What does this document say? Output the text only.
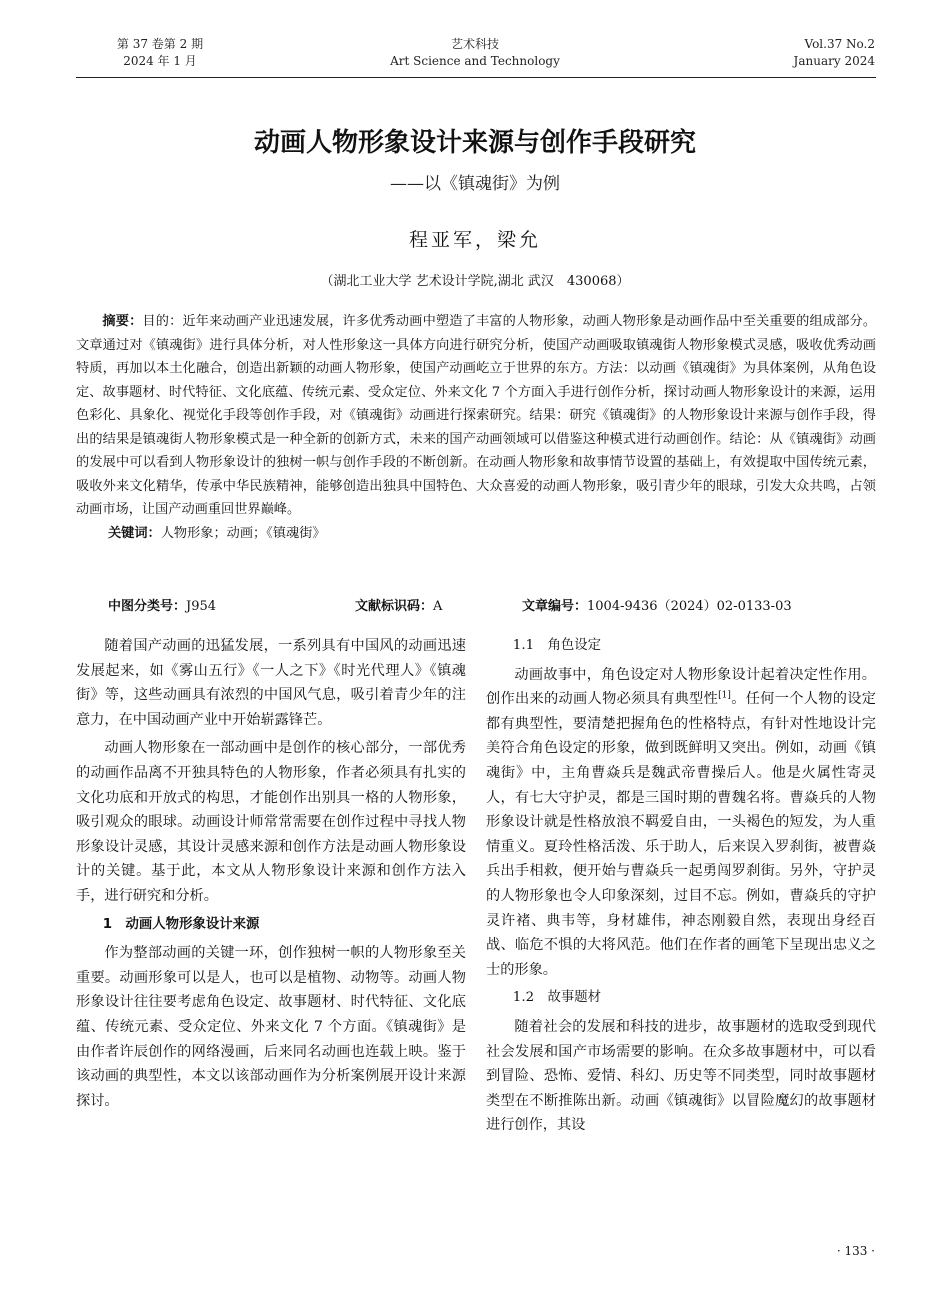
第 37 卷第 2 期
2024 年 1 月
艺术科技
Art Science and Technology
Vol.37 No.2
January 2024
动画人物形象设计来源与创作手段研究
——以《镇魂街》为例
程亚军，梁允
（湖北工业大学 艺术设计学院,湖北 武汉　430068）

摘要：目的：近年来动画产业迅速发展，许多优秀动画中塑造了丰富的人物形象，动画人物形象是动画作品中至关重要的组成部分。文章通过对《镇魂街》进行具体分析，对人性形象这一具体方向进行研究分析，使国产动画吸取镇魂街人物形象模式灵感，吸收优秀动画特质，再加以本土化融合，创造出新颖的动画人物形象，使国产动画屹立于世界的东方。方法：以动画《镇魂街》为具体案例，从角色设定、故事题材、时代特征、文化底蕴、传统元素、受众定位、外来文化 7 个方面入手进行创作分析，探讨动画人物形象设计的来源，运用色彩化、具象化、视觉化手段等创作手段，对《镇魂街》动画进行探索研究。结果：研究《镇魂街》的人物形象设计来源与创作手段，得出的结果是镇魂街人物形象模式是一种全新的创新方式，未来的国产动画领域可以借鉴这种模式进行动画创作。结论：从《镇魂街》动画的发展中可以看到人物形象设计的独树一帜与创作手段的不断创新。在动画人物形象和故事情节设置的基础上，有效提取中国传统元素，吸收外来文化精华，传承中华民族精神，能够创造出独具中国特色、大众喜爱的动画人物形象，吸引青少年的眼球，引发大众共鸣，占领动画市场，让国产动画重回世界巅峰。

关键词：人物形象；动画；《镇魂街》

中图分类号：J954	文献标识码：A	文章编号：1004-9436（2024）02-0133-03

随着国产动画的迅猛发展，一系列具有中国风的动画迅速发展起来，如《雾山五行》《一人之下》《时光代理人》《镇魂街》等，这些动画具有浓烈的中国风气息，吸引着青少年的注意力，在中国动画产业中开始崭露锋芒。

动画人物形象在一部动画中是创作的核心部分，一部优秀的动画作品离不开独具特色的人物形象，作者必须具有扎实的文化功底和开放式的构思，才能创作出别具一格的人物形象，吸引观众的眼球。动画设计师常常需要在创作过程中寻找人物形象设计灵感，其设计灵感来源和创作方法是动画人物形象设计的关键。基于此，本文从人物形象设计来源和创作方法入手，进行研究和分析。

1　动画人物形象设计来源

作为整部动画的关键一环，创作独树一帜的人物形象至关重要。动画形象可以是人，也可以是植物、动物等。动画人物形象设计往往要考虑角色设定、故事题材、时代特征、文化底蕴、传统元素、受众定位、外来文化 7 个方面。《镇魂街》是由作者许辰创作的网络漫画，后来同名动画也连载上映。鉴于该动画的典型性，本文以该部动画作为分析案例展开设计来源探讨。

1.1　角色设定

动画故事中，角色设定对人物形象设计起着决定性作用。创作出来的动画人物必须具有典型性[1]。任何一个人物的设定都有典型性，要清楚把握角色的性格特点，有针对性地设计完美符合角色设定的形象，做到既鲜明又突出。例如，动画《镇魂街》中，主角曹焱兵是魏武帝曹操后人。他是火属性寄灵人，有七大守护灵，都是三国时期的曹魏名将。曹焱兵的人物形象设计就是性格放浪不羁爱自由，一头褐色的短发，为人重情重义。夏玲性格活泼、乐于助人，后来误入罗刹街，被曹焱兵出手相救，便开始与曹焱兵一起勇闯罗刹街。另外，守护灵的人物形象也令人印象深刻，过目不忘。例如，曹焱兵的守护灵许褚、典韦等，身材雄伟，神态刚毅自然，表现出身经百战、临危不惧的大将风范。他们在作者的画笔下呈现出忠义之士的形象。

1.2　故事题材

随着社会的发展和科技的进步，故事题材的选取受到现代社会发展和国产市场需要的影响。在众多故事题材中，可以看到冒险、恐怖、爱情、科幻、历史等不同类型，同时故事题材类型在不断推陈出新。动画《镇魂街》以冒险魔幻的故事题材进行创作，其设

· 133 ·
